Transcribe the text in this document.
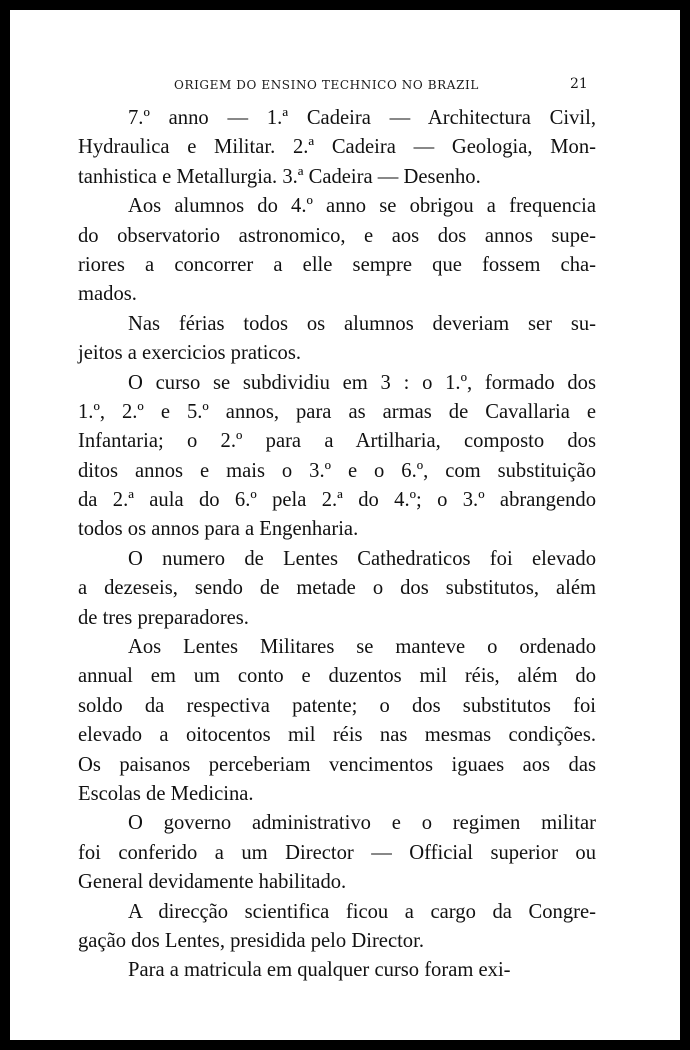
ORIGEM DO ENSINO TECHNICO NO BRAZIL	21
7.º anno — 1.ª Cadeira — Architectura Civil,
Hydraulica e Militar. 2.ª Cadeira — Geologia, Mon-
tanhistica e Metallurgia. 3.ª Cadeira — Desenho.
Aos alumnos do 4.º anno se obrigou a frequencia
do observatorio astronomico, e aos dos annos supe-
riores a concorrer a elle sempre que fossem cha-
mados.
Nas férias todos os alumnos deveriam ser su-
jeitos a exercicios praticos.
O curso se subdividiu em 3 : o 1.º, formado dos
1.º, 2.º e 5.º annos, para as armas de Cavallaria e
Infantaria; o 2.º para a Artilharia, composto dos
ditos annos e mais o 3.º e o 6.º, com substituição
da 2.ª aula do 6.º pela 2.ª do 4.º; o 3.º abrangendo
todos os annos para a Engenharia.
O numero de Lentes Cathedraticos foi elevado
a dezeseis, sendo de metade o dos substitutos, além
de tres preparadores.
Aos Lentes Militares se manteve o ordenado
annual em um conto e duzentos mil réis, além do
soldo da respectiva patente; o dos substitutos foi
elevado a oitocentos mil réis nas mesmas condições.
Os paisanos perceberiam vencimentos iguaes aos das
Escolas de Medicina.
O governo administrativo e o regimen militar
foi conferido a um Director — Official superior ou
General devidamente habilitado.
A direcção scientifica ficou a cargo da Congre-
gação dos Lentes, presidida pelo Director.
Para a matricula em qualquer curso foram exi-
